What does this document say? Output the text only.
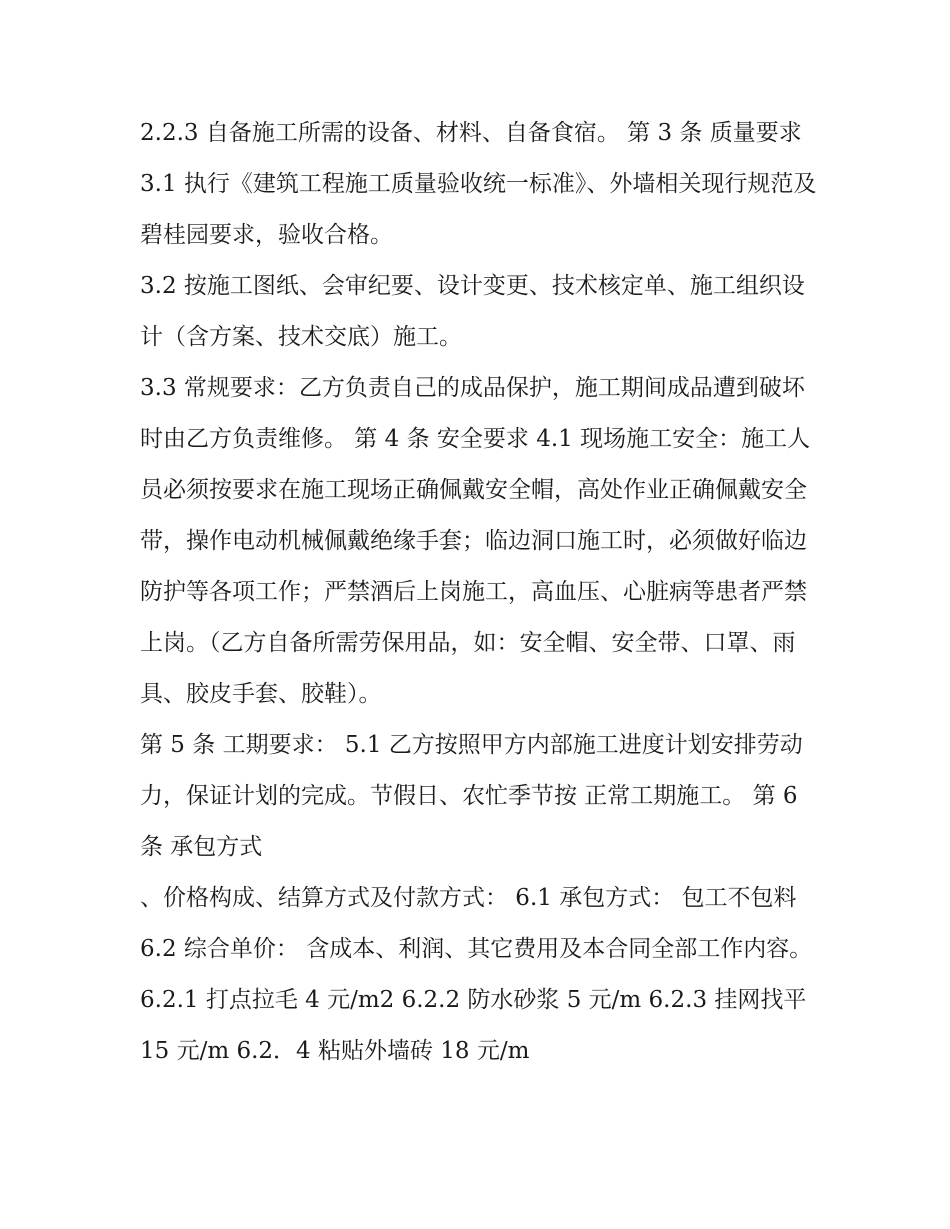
2.2.3 自备施工所需的设备、材料、自备食宿。 第 3 条 质量要求 3.1 执行《建筑工程施工质量验收统一标准》、外墙相关现行规范及碧桂园要求，验收合格。

3.2 按施工图纸、会审纪要、设计变更、技术核定单、施工组织设计（含方案、技术交底）施工。

3.3 常规要求：乙方负责自己的成品保护，施工期间成品遭到破坏时由乙方负责维修。 第 4 条 安全要求 4.1 现场施工安全：施工人员必须按要求在施工现场正确佩戴安全帽，高处作业正确佩戴安全带，操作电动机械佩戴绝缘手套；临边洞口施工时，必须做好临边防护等各项工作；严禁酒后上岗施工，高血压、心脏病等患者严禁上岗。（乙方自备所需劳保用品，如：安全帽、安全带、口罩、雨具、胶皮手套、胶鞋）。

第 5 条 工期要求： 5.1 乙方按照甲方内部施工进度计划安排劳动力，保证计划的完成。节假日、农忙季节按 正常工期施工。 第 6 条 承包方式

、价格构成、结算方式及付款方式： 6.1 承包方式： 包工不包料 6.2 综合单价： 含成本、利润、其它费用及本合同全部工作内容。

6.2.1 打点拉毛 4 元/m2 6.2.2 防水砂浆 5 元/m 6.2.3 挂网找平 15 元/m 6.2．4 粘贴外墙砖 18 元/m
